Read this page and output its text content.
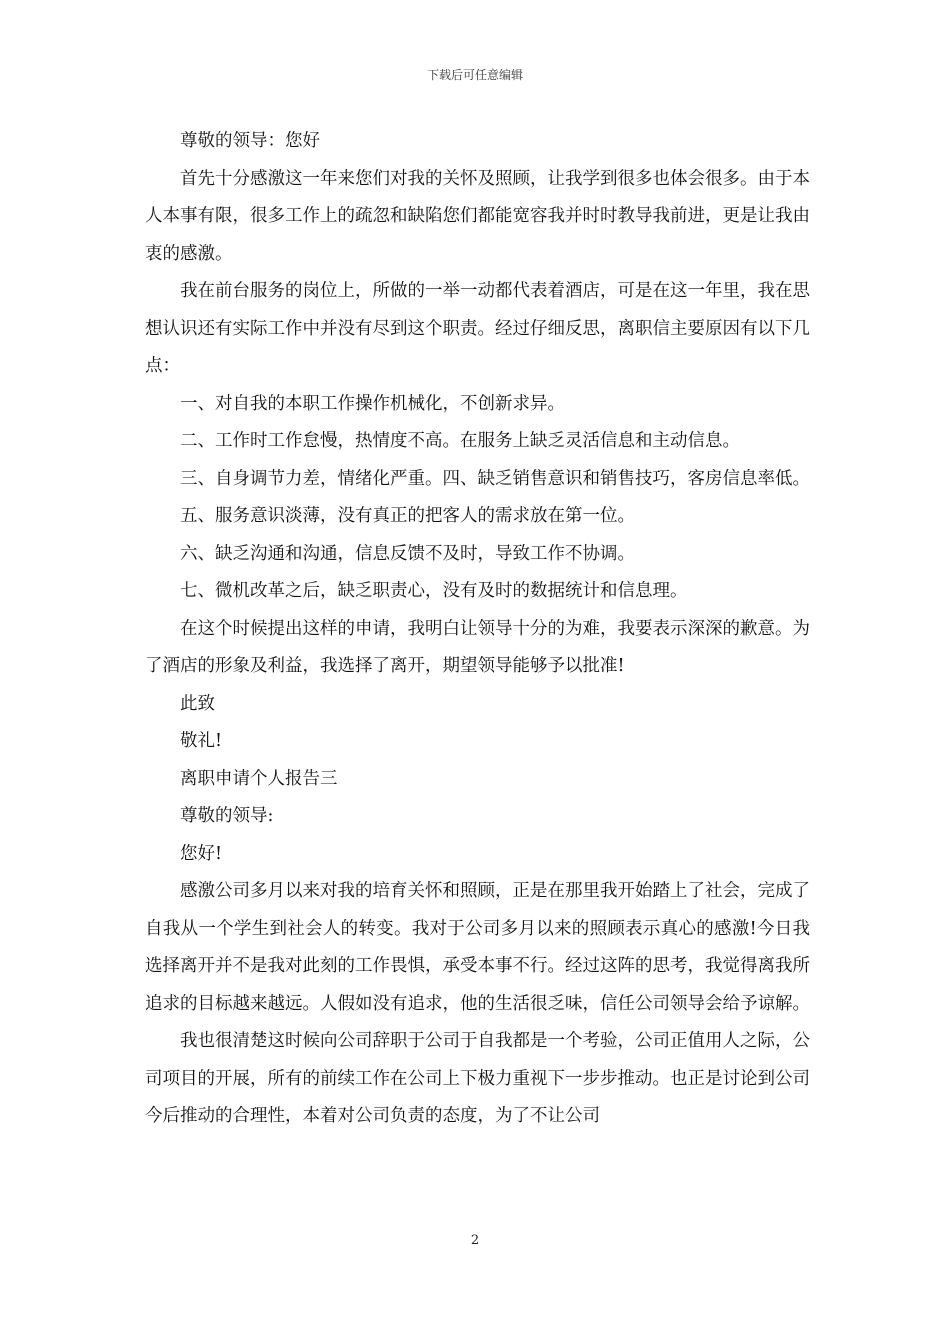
下载后可任意编辑

尊敬的领导：您好

首先十分感激这一年来您们对我的关怀及照顾，让我学到很多也体会很多。由于本人本事有限，很多工作上的疏忽和缺陷您们都能宽容我并时时教导我前进，更是让我由衷的感激。

我在前台服务的岗位上，所做的一举一动都代表着酒店，可是在这一年里，我在思想认识还有实际工作中并没有尽到这个职责。经过仔细反思，离职信主要原因有以下几点：

一、对自我的本职工作操作机械化，不创新求异。

二、工作时工作怠慢，热情度不高。在服务上缺乏灵活信息和主动信息。

三、自身调节力差，情绪化严重。四、缺乏销售意识和销售技巧，客房信息率低。

五、服务意识淡薄，没有真正的把客人的需求放在第一位。

六、缺乏沟通和沟通，信息反馈不及时，导致工作不协调。

七、微机改革之后，缺乏职责心，没有及时的数据统计和信息理。

在这个时候提出这样的申请，我明白让领导十分的为难，我要表示深深的歉意。为了酒店的形象及利益，我选择了离开，期望领导能够予以批准!

此致

敬礼!

离职申请个人报告三

尊敬的领导:

您好!

感激公司多月以来对我的培育关怀和照顾，正是在那里我开始踏上了社会，完成了自我从一个学生到社会人的转变。我对于公司多月以来的照顾表示真心的感激!今日我选择离开并不是我对此刻的工作畏惧，承受本事不行。经过这阵的思考，我觉得离我所追求的目标越来越远。人假如没有追求，他的生活很乏味，信任公司领导会给予谅解。

我也很清楚这时候向公司辞职于公司于自我都是一个考验，公司正值用人之际，公司项目的开展，所有的前续工作在公司上下极力重视下一步步推动。也正是讨论到公司今后推动的合理性，本着对公司负责的态度，为了不让公司

2
